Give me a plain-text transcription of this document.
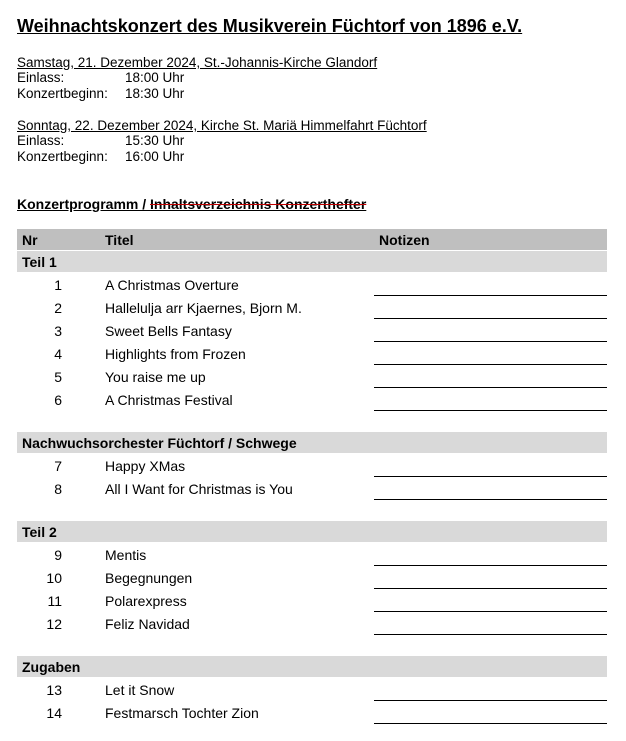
Weihnachtskonzert des Musikverein Füchtorf von 1896 e.V.
Samstag, 21. Dezember 2024, St.-Johannis-Kirche Glandorf
Einlass:	18:00 Uhr
Konzertbeginn: 18:30 Uhr
Sonntag, 22. Dezember 2024, Kirche St. Mariä Himmelfahrt Füchtorf
Einlass:	15:30 Uhr
Konzertbeginn: 16:00 Uhr
Konzertprogramm / Inhaltsverzeichnis Konzerthefter
Nr	Titel	Notizen
Teil 1
1	A Christmas Overture
2	Hallelulja arr Kjaernes, Bjorn M.
3	Sweet Bells Fantasy
4	Highlights from Frozen
5	You raise me up
6	A Christmas Festival
Nachwuchsorchester Füchtorf / Schwege
7	Happy XMas
8	All I Want for Christmas is You
Teil 2
9	Mentis
10	Begegnungen
11	Polarexpress
12	Feliz Navidad
Zugaben
13	Let it Snow
14	Festmarsch Tochter Zion
